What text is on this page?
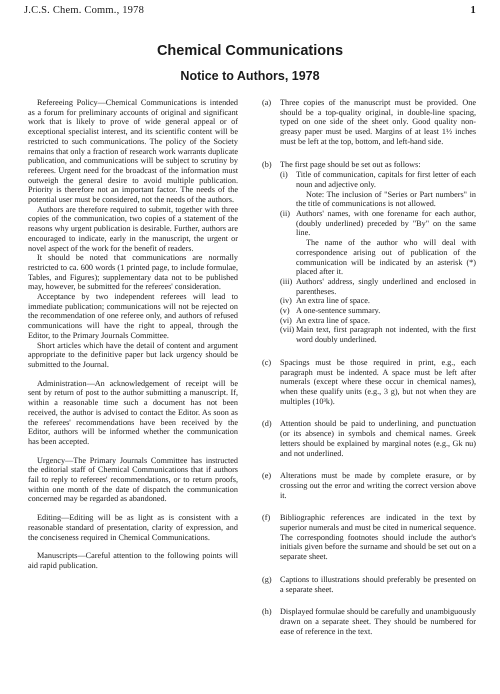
J.C.S. Chem. Comm., 1978	1
Chemical Communications
Notice to Authors, 1978

Refereeing Policy—Chemical Communications is intended as a forum for preliminary accounts of original and significant work that is likely to prove of wide general appeal or of exceptional specialist interest, and its scientific content will be restricted to such communications. The policy of the Society remains that only a fraction of research work warrants duplicate publication, and communications will be subject to scrutiny by referees. Urgent need for the broadcast of the information must outweigh the general desire to avoid multiple publication. Priority is therefore not an important factor. The needs of the potential user must be considered, not the needs of the authors.

Authors are therefore required to submit, together with three copies of the communication, two copies of a statement of the reasons why urgent publication is desirable. Further, authors are encouraged to indicate, early in the manuscript, the urgent or novel aspect of the work for the benefit of readers.

It should be noted that communications are normally restricted to ca. 600 words (1 printed page, to include formulae, Tables, and Figures); supplementary data not to be published may, however, be submitted for the referees' consideration.

Acceptance by two independent referees will lead to immediate publication; communications will not be rejected on the recommendation of one referee only, and authors of refused communications will have the right to appeal, through the Editor, to the Primary Journals Committee.

Short articles which have the detail of content and argument appropriate to the definitive paper but lack urgency should be submitted to the Journal.

Administration—An acknowledgement of receipt will be sent by return of post to the author submitting a manuscript. If, within a reasonable time such a document has not been received, the author is advised to contact the Editor. As soon as the referees' recommendations have been received by the Editor, authors will be informed whether the communication has been accepted.

Urgency—The Primary Journals Committee has instructed the editorial staff of Chemical Communications that if authors fail to reply to referees' recommendations, or to return proofs, within one month of the date of dispatch the communication concerned may be regarded as abandoned.

Editing—Editing will be as light as is consistent with a reasonable standard of presentation, clarity of expression, and the conciseness required in Chemical Communications.

Manuscripts—Careful attention to the following points will aid rapid publication.

(a) Three copies of the manuscript must be provided. One should be a top-quality original, in double-line spacing, typed on one side of the sheet only. Good quality non-greasy paper must be used. Margins of at least 1½ inches must be left at the top, bottom, and left-hand side.
(b) The first page should be set out as follows:
(i) Title of communication, capitals for first letter of each noun and adjective only.

Note: The inclusion of "Series or Part numbers" in the title of communications is not allowed.

(ii) Authors' names, with one forename for each author, (doubly underlined) preceded by "By" on the same line.

The name of the author who will deal with correspondence arising out of publication of the communication will be indicated by an asterisk (*) placed after it.

(iii) Authors' address, singly underlined and enclosed in parentheses.

(iv) An extra line of space.

(v) A one-sentence summary.

(vi) An extra line of space.

(vii) Main text, first paragraph not indented, with the first word doubly underlined.

(c) Spacings must be those required in print, e.g., each paragraph must be indented. A space must be left after numerals (except where these occur in chemical names), when these qualify units (e.g., 3 g), but not when they are multiples (10³k).
(d) Attention should be paid to underlining, and punctuation (or its absence) in symbols and chemical names. Greek letters should be explained by marginal notes (e.g., Gk nu) and not underlined.
(e) Alterations must be made by complete erasure, or by crossing out the error and writing the correct version above it.
(f) Bibliographic references are indicated in the text by superior numerals and must be cited in numerical sequence. The corresponding footnotes should include the author's initials given before the surname and should be set out on a separate sheet.
(g) Captions to illustrations should preferably be presented on a separate sheet.
(h) Displayed formulae should be carefully and unambiguously drawn on a separate sheet. They should be numbered for ease of reference in the text.
